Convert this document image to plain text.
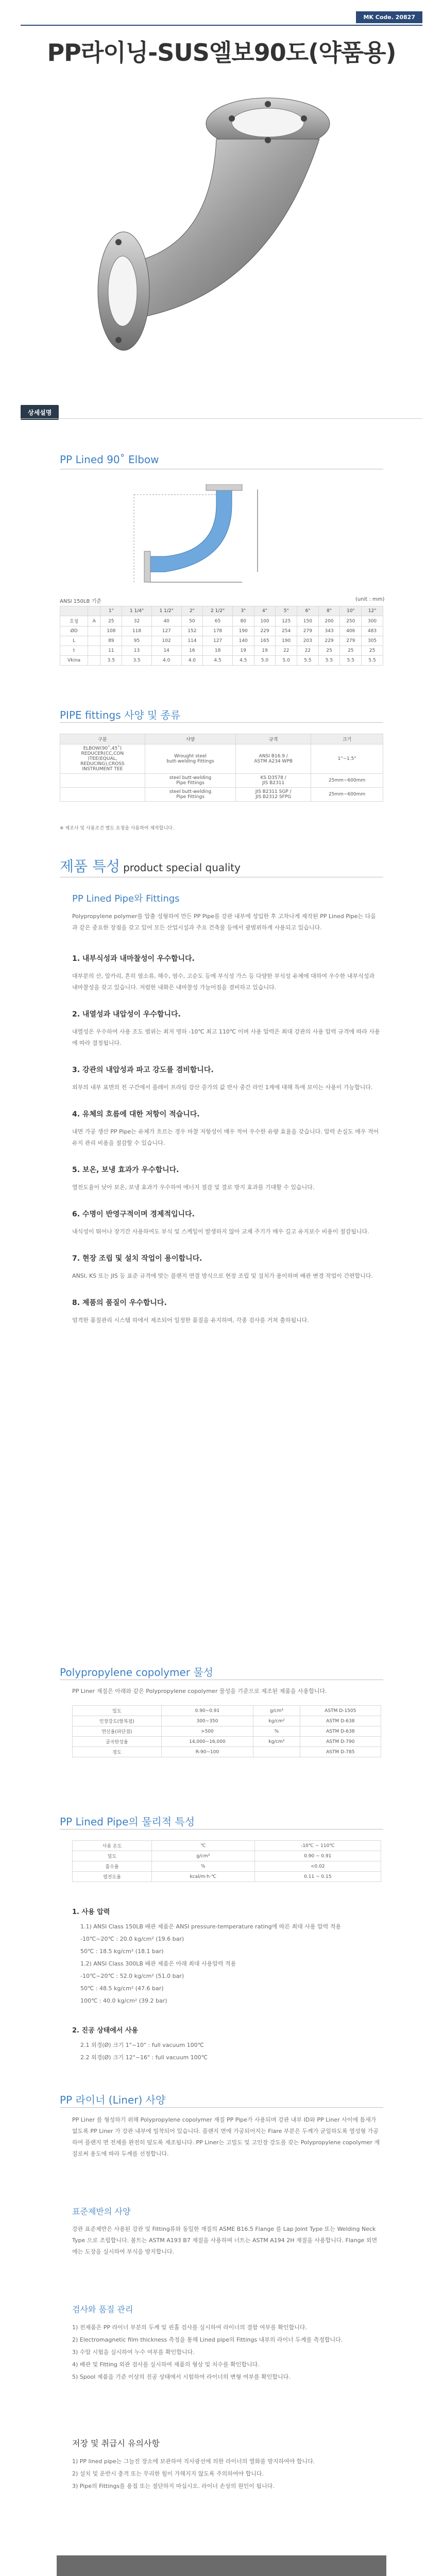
MK Code. 20827
PP라이닝-SUS엘보90도(약품용)
상세설명
PP Lined 90˚ Elbow
ANSI 150LB 기준	(unit : mm)
		1"	1 1/4"	1 1/2"	2"	2 1/2"	3"	4"	5"	6"	8"	10"	12"
호칭	A	25	32	40	50	65	80	100	125	150	200	250	300
ØD		108	118	127	152	178	190	229	254	279	343	406	483
L		89	95	102	114	127	140	165	190	203	229	279	305
t		11	13	14	16	18	19	19	22	22	25	25	25
Vkina		3.5	3.5	4.0	4.0	4.5	4.5	5.0	5.0	5.5	5.5	5.5	5.5
PIPE fittings 사양 및 종류
구분	사양	규격	크기
ELBOW(90˚,45˚)
REDUCER(CC,CON
)TEE(EQUAL,
REDUCING),CROSS
INSTRUMENT TEE	Wrought steel
butt-welding Fittings	ANSI B16.9 /
ASTM A234 WPB	1"~1.5"
	steel butt-welding
Pipe Fittings	KS D3578 /
JIS B2311	25mm~600mm
	steel butt-welding
Pipe Fittings	JIS B2311 SGP /
JIS B2312 SFPG	25mm~600mm
※ 제조사 및 사용조건 별도 요청을 사용하여 제작합니다.
제품 특성 product special quality
PP Lined Pipe와 Fittings
Polypropylene polymer를 압출 성형하여 만든 PP Pipe를 강관 내부에 성입한 후 고차나게 제작된 PP Lined Pipe는 다음과 같은 중요한 장점을 갖고 있어 모든 산업시설과 주요 건축물 등에서 광범위하게 사용되고 있습니다.
1. 내부식성과 내마찰성이 우수합니다.

대부분의 산, 알카리, 흔히 염소류, 해수, 염수, 고순도 등에 부식성 가스 등 다양한 부식성 유체에 대하여 우수한 내부식성과 내마찰성을 갖고 있습니다. 저렴한 내화은 내마찰성 가늘어짐을 겸비하고 있습니다.

2. 내열성과 내압성이 우수합니다.

내열성은 우수하여 사용 조도 범위는 최저 영하 -10℃ 최고 110℃ 이며 사용 압력은 최대 강관의 사용 압력 규격에 따라 사용에 따라 결정됩니다.

3. 강관의 내압성과 파고 강도를 겸비합니다.

외부의 내부 표면의 전 구간에서 플레이 프라임 강산 증가의 값 반사 중간 라인 1계에 대해 특에 보이는 사용이 가능합니다.

4. 유체의 흐름에 대한 저항이 적습니다.

내면 가공 생산 PP Pipe는 유체가 흐르는 경우 마찰 저항성이 매우 적어 우수한 유량 효율을 갖습니다. 압력 손실도 매우 적어 유지 관리 비용을 절감할 수 있습니다.

5. 보온, 보냉 효과가 우수합니다.

열전도율이 낮아 보온, 보냉 효과가 우수하여 에너지 절감 및 결로 방지 효과를 기대할 수 있습니다.

6. 수명이 반영구적이며 경제적입니다.

내식성이 뛰어나 장기간 사용하여도 부식 및 스케일이 발생하지 않아 교체 주기가 매우 길고 유지보수 비용이 절감됩니다.

7. 현장 조립 및 설치 작업이 용이합니다.

ANSI, KS 또는 JIS 등 표준 규격에 맞는 플랜지 연결 방식으로 현장 조립 및 설치가 용이하며 배관 변경 작업이 간편합니다.

8. 제품의 품질이 우수합니다.

엄격한 품질관리 시스템 하에서 제조되어 일정한 품질을 유지하며, 각종 검사를 거쳐 출하됩니다.

Polypropylene copolymer 물성
PP Liner 재질은 아래와 같은 Polypropylene copolymer 물성을 기준으로 제조된 제품을 사용합니다.
밀도	0.90~0.91	g/cm³	ASTM D-1505
인장강도(항복점)	300~350	kg/cm²	ASTM D-638
연신율(파단점)	>500	%	ASTM D-638
굴곡탄성율	14,000~16,000	kg/cm²	ASTM D-790
경도	R-90~100		ASTM D-785
PP Lined Pipe의 물리적 특성
사용 온도	℃	-10℃ ~ 110℃
밀도	g/cm³	0.90 ~ 0.91
흡수율	%	<0.02
열전도율	kcal/m·h·℃	0.11 ~ 0.15
1. 사용 압력

1.1) ANSI Class 150LB 배관 제품은 ANSI pressure-temperature rating에 따른 최대 사용 압력 적용

-10℃~20℃ : 20.0 kg/cm² (19.6 bar)

50℃ : 18.5 kg/cm² (18.1 bar)

1.2) ANSI Class 300LB 배관 제품은 아래 최대 사용압력 적용

-10℃~20℃ : 52.0 kg/cm² (51.0 bar)

50℃ : 48.5 kg/cm² (47.6 bar)

100℃ : 40.0 kg/cm² (39.2 bar)

2. 진공 상태에서 사용

2.1 외경(Ø) 크기 1"~10" : full vacuum 100℃

2.2 외경(Ø) 크기 12"~16" : full vacuum 100℃

PP 라이너 (Liner) 사양
PP Liner 를 형성하기 위해 Polypropylene copolymer 재질 PP Pipe가 사용되며 강관 내부 ID와 PP Liner 사이에 틈새가 없도록 PP Liner 가 강관 내부에 밀착되어 있습니다. 플랜지 면에 가공되어지는 Flare 부분은 두께가 균일하도록 열성형 가공하여 플랜지 면 전체를 완전히 덮도록 제조됩니다. PP Liner는 고밀도 및 고인장 강도를 갖는 Polypropylene copolymer 재질로써 용도에 따라 두께를 선정합니다.
표준제반의 사양
강관 표준제반은 사용된 강관 및 Fitting류와 동일한 재질의 ASME B16.5 Flange 를 Lap Joint Type 또는 Welding Neck Type 으로 조립합니다. 볼트는 ASTM A193 B7 재질을 사용하며 너트는 ASTM A194 2H 재질을 사용합니다. Flange 외면에는 도장을 실시하여 부식을 방지합니다.
검사와 품질 관리

1) 전제품은 PP 라이너 부분의 두께 및 핀홀 검사를 실시하여 라이너의 결함 여부를 확인합니다.

2) Electromagnetic film thickness 측정을 통해 Lined pipe의 Fittings 내부의 라이너 두께를 측정합니다.

3) 수압 시험을 실시하여 누수 여부를 확인합니다.

4) 배관 및 Fitting 외관 검사를 실시하여 제품의 형상 및 치수를 확인합니다.

5) Spool 제품을 기준 이상의 진공 상태에서 시험하여 라이너의 변형 여부를 확인합니다.

저장 및 취급시 유의사항

1) PP lined pipe는 그늘진 장소에 보관하여 직사광선에 의한 라이너의 열화를 방지하여야 합니다.

2) 설치 및 운반시 충격 또는 무리한 힘이 가해지지 않도록 주의하여야 합니다.

3) Pipe의 Fittings를 용접 또는 절단하지 마십시오. 라이너 손상의 원인이 됩니다.
